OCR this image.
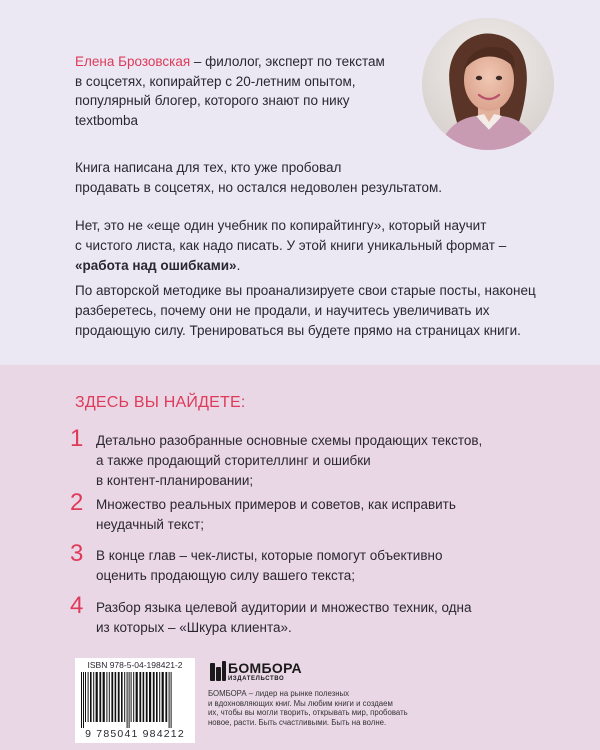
Елена Брозовская – филолог, эксперт по текстам
в соцсетях, копирайтер с 20-летним опытом,
популярный блогер, которого знают по нику
textbomba

Книга написана для тех, кто уже пробовал
продавать в соцсетях, но остался недоволен результатом.

Нет, это не «еще один учебник по копирайтингу», который научит
с чистого листа, как надо писать. У этой книги уникальный формат –
«работа над ошибками».

По авторской методике вы проанализируете свои старые посты, наконец
разберетесь, почему они не продали, и научитесь увеличивать их
продающую силу. Тренироваться вы будете прямо на страницах книги.

ЗДЕСЬ ВЫ НАЙДЕТЕ:
1 Детально разобранные основные схемы продающих текстов,
а также продающий сторителлинг и ошибки
в контент-планировании;
2 Множество реальных примеров и советов, как исправить
неудачный текст;
3 В конце глав – чек-листы, которые помогут объективно
оценить продающую силу вашего текста;
4 Разбор языка целевой аудитории и множество техник, одна
из которых – «Шкура клиента».
ISBN 978-5-04-198421-2
9 785041 984212
БОМБОРА
ИЗДАТЕЛЬСТВО
БОМБОРА – лидер на рынке полезных
и вдохновляющих книг. Мы любим книги и создаем
их, чтобы вы могли творить, открывать мир, пробовать
новое, расти. Быть счастливыми. Быть на волне.
